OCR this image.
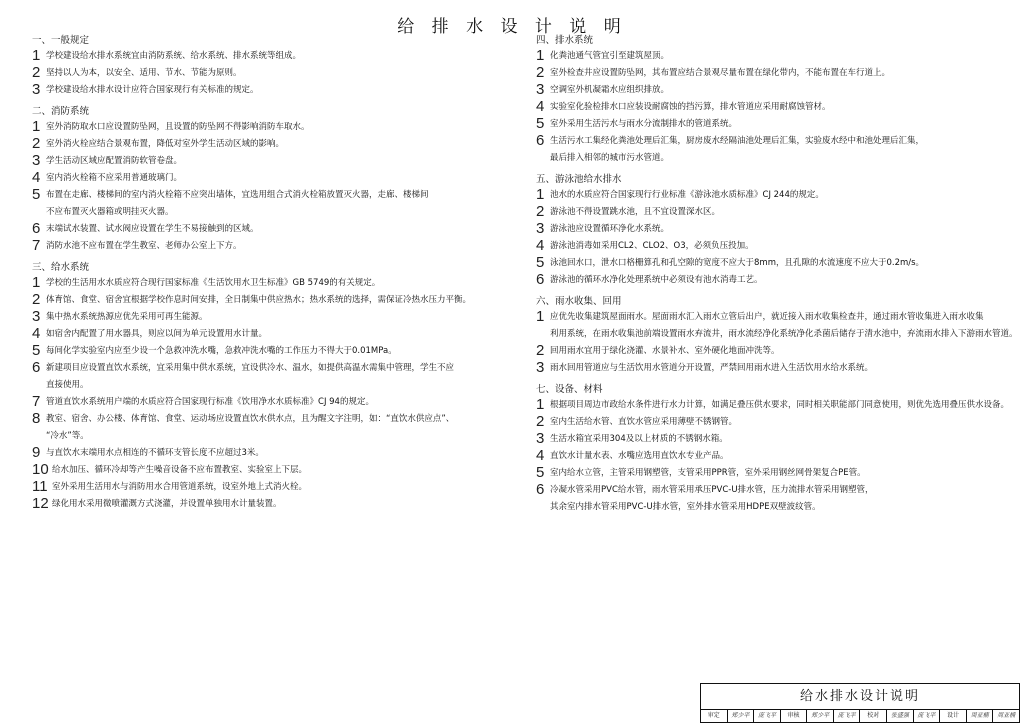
给 排 水 设 计 说 明
一、一般规定
1 学校建设给水排水系统宜由消防系统、给水系统、排水系统等组成。
2 坚持以人为本，以安全、适用、节水、节能为原则。
3 学校建设给水排水设计应符合国家现行有关标准的规定。
二、消防系统
1 室外消防取水口应设置防坠网，且设置的防坠网不得影响消防车取水。
2 室外消火栓应结合景观布置，降低对室外学生活动区域的影响。
3 学生活动区域应配置消防软管卷盘。
4 室内消火栓箱不应采用普通玻璃门。
5 布置在走廊、楼梯间的室内消火栓箱不应突出墙体，宜选用组合式消火栓箱放置灭火器，走廊、楼梯间
不应布置灭火器箱或明挂灭火器。
6 末端试水装置、试水阀应设置在学生不易接触到的区域。
7 消防水池不应布置在学生教室、老师办公室上下方。
三、给水系统
1 学校的生活用水水质应符合现行国家标准《生活饮用水卫生标准》GB 5749的有关规定。
2 体育馆、食堂、宿舍宜根据学校作息时间安排，全日制集中供应热水；热水系统的选择，需保证冷热水压力平衡。
3 集中热水系统热源应优先采用可再生能源。
4 如宿舍内配置了用水器具，则应以间为单元设置用水计量。
5 每间化学实验室内应至少设一个急救冲洗水嘴，急救冲洗水嘴的工作压力不得大于0.01MPa。
6 新建项目应设置直饮水系统，宜采用集中供水系统，宜设供冷水、温水，如提供高温水需集中管理，学生不应
直接使用。
7 管道直饮水系统用户端的水质应符合国家现行标准《饮用净水水质标准》CJ 94的规定。
8 教室、宿舍、办公楼、体育馆、食堂、运动场应设置直饮水供水点，且为醒文字注明，如：“直饮水供应点”、
“冷水”等。
9 与直饮水末端用水点相连的不循环支管长度不应超过3米。
10 给水加压、循环冷却等产生噪音设备不应布置教室、实验室上下层。
11 室外采用生活用水与消防用水合用管道系统，设室外地上式消火栓。
12 绿化用水采用微喷灌溉方式浇灌，并设置单独用水计量装置。
四、排水系统
1 化粪池通气管宜引至建筑屋顶。
2 室外检查井应设置防坠网，其布置应结合景观尽量布置在绿化带内，不能布置在车行道上。
3 空调室外机凝霜水应组织排放。
4 实验室化验检排水口应装设耐腐蚀的挡污算，排水管道应采用耐腐蚀管材。
5 室外采用生活污水与雨水分流制排水的管道系统。
6 生活污水工集经化粪池处理后汇集，厨房废水经隔油池处理后汇集，实验废水经中和池处理后汇集，
最后排入相邻的城市污水管道。
五、游泳池给水排水
1 池水的水质应符合国家现行行业标准《游泳池水质标准》CJ 244的规定。
2 游泳池不得设置跳水池，且不宜设置深水区。
3 游泳池应设置循环净化水系统。
4 游泳池消毒如采用CL2、CLO2、O3，必须负压投加。
5 泳池回水口，泄水口格栅算孔和孔空隙的宽度不应大于8mm，且孔隙的水流速度不应大于0.2m/s。
6 游泳池的循环水净化处理系统中必须设有池水消毒工艺。
六、雨水收集、回用
1 应优先收集建筑屋面雨水。屋面雨水汇入雨水立管后出户，就近接入雨水收集检查井，通过雨水管收集进入雨水收集
利用系统，在雨水收集池前端设置雨水弃流井，雨水流经净化系统净化杀菌后储存于清水池中，弃流雨水排入下游雨水管道。
2 回用雨水宜用于绿化浇灌、水景补水、室外硬化地面冲洗等。
3 雨水回用管道应与生活饮用水管道分开设置，严禁回用雨水进入生活饮用水给水系统。
七、设备、材料
1 根据项目周边市政给水条件进行水力计算，如满足叠压供水要求，同时相关职能部门同意使用，则优先选用叠压供水设备。
2 室内生活给水管、直饮水管应采用薄壁不锈钢管。
3 生活水箱宜采用304及以上材质的不锈钢水箱。
4 直饮水计量水表、水嘴应选用直饮水专业产品。
5 室内给水立管，主管采用钢塑管，支管采用PPR管，室外采用钢丝网骨架复合PE管。
6 冷凝水管采用PVC给水管，雨水管采用承压PVC-U排水管，压力流排水管采用钢塑管，
其余室内排水管采用PVC-U排水管，室外排水管采用HDPE双壁波纹管。
给水排水设计说明
审定	郑少平	庞飞平	审核	郑少平	庞飞平	校对	张盛强	庞飞平	设计	周亚楠	周亚楠
